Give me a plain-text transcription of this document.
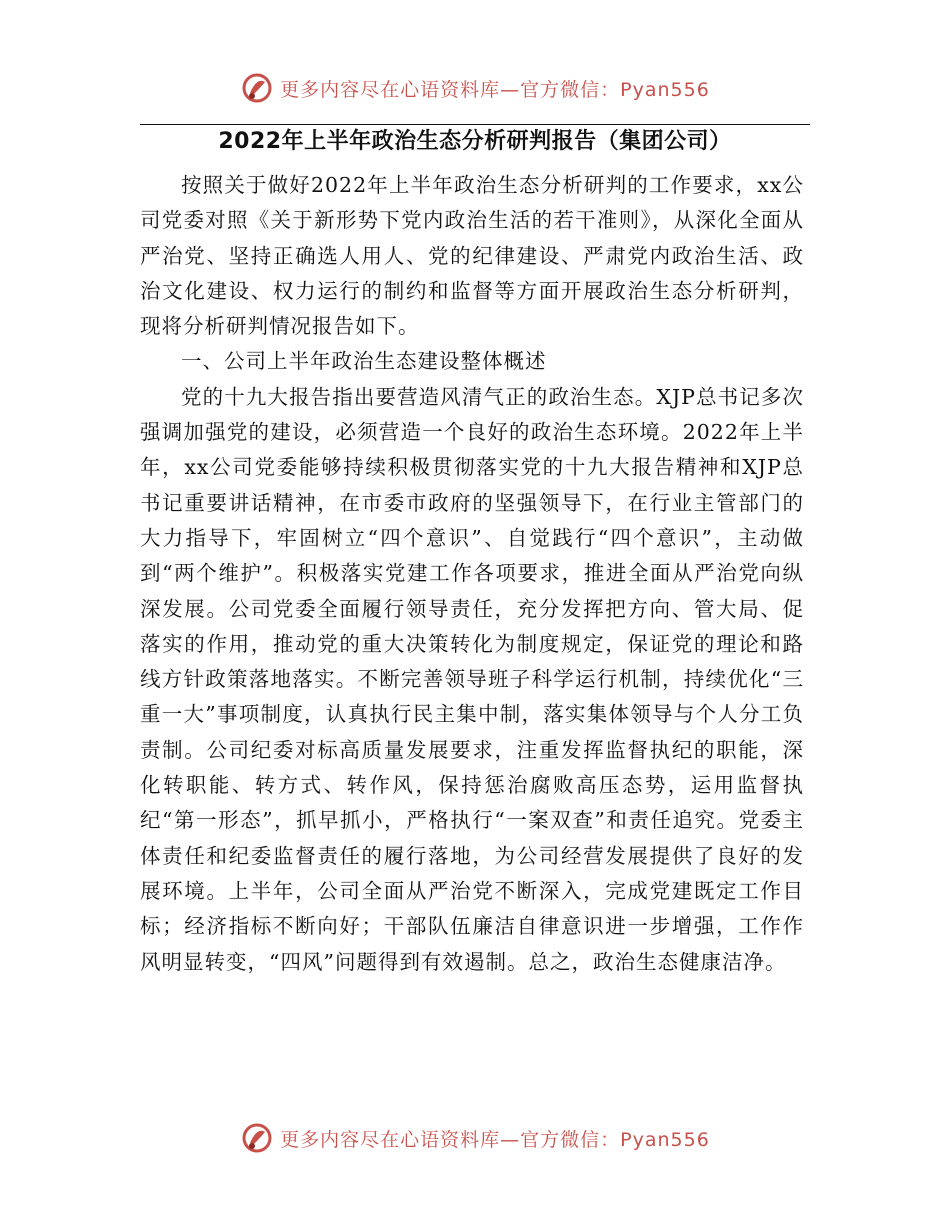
更多内容尽在心语资料库—官方微信：Pyan556
2022年上半年政治生态分析研判报告（集团公司）

按照关于做好2022年上半年政治生态分析研判的工作要求，xx公司党委对照《关于新形势下党内政治生活的若干准则》，从深化全面从严治党、坚持正确选人用人、党的纪律建设、严肃党内政治生活、政治文化建设、权力运行的制约和监督等方面开展政治生态分析研判，现将分析研判情况报告如下。

一、公司上半年政治生态建设整体概述

党的十九大报告指出要营造风清气正的政治生态。XJP总书记多次强调加强党的建设，必须营造一个良好的政治生态环境。2022年上半年，xx公司党委能够持续积极贯彻落实党的十九大报告精神和XJP总书记重要讲话精神，在市委市政府的坚强领导下，在行业主管部门的大力指导下，牢固树立“四个意识”、自觉践行“四个意识”，主动做到“两个维护”。积极落实党建工作各项要求，推进全面从严治党向纵深发展。公司党委全面履行领导责任，充分发挥把方向、管大局、促落实的作用，推动党的重大决策转化为制度规定，保证党的理论和路线方针政策落地落实。不断完善领导班子科学运行机制，持续优化“三重一大”事项制度，认真执行民主集中制，落实集体领导与个人分工负责制。公司纪委对标高质量发展要求，注重发挥监督执纪的职能，深化转职能、转方式、转作风，保持惩治腐败高压态势，运用监督执纪“第一形态”，抓早抓小，严格执行“一案双查”和责任追究。党委主体责任和纪委监督责任的履行落地，为公司经营发展提供了良好的发展环境。上半年，公司全面从严治党不断深入，完成党建既定工作目标；经济指标不断向好；干部队伍廉洁自律意识进一步增强，工作作风明显转变，“四风”问题得到有效遏制。总之，政治生态健康洁净。

更多内容尽在心语资料库—官方微信：Pyan556
